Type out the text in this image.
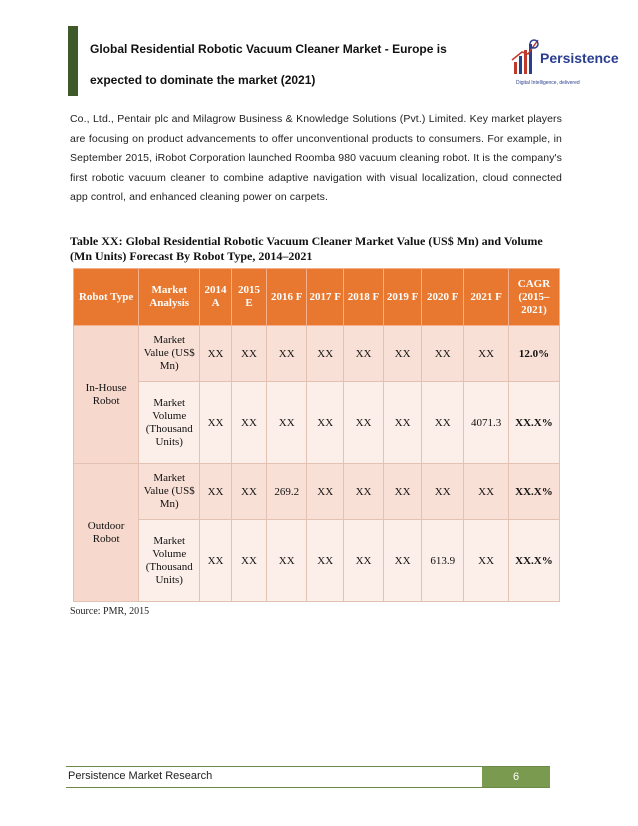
Global Residential Robotic Vacuum Cleaner Market - Europe is expected to dominate the market (2021)
Persistence
Digital Intelligence, delivered
Co., Ltd., Pentair plc and Milagrow Business & Knowledge Solutions (Pvt.) Limited. Key market players are focusing on product advancements to offer unconventional products to consumers. For example, in September 2015, iRobot Corporation launched Roomba 980 vacuum cleaning robot. It is the company's first robotic vacuum cleaner to combine adaptive navigation with visual localization, cloud connected app control, and enhanced cleaning power on carpets.
Table XX: Global Residential Robotic Vacuum Cleaner Market Value (US$ Mn) and Volume (Mn Units) Forecast By Robot Type, 2014–2021
Robot Type	Market Analysis	2014 A	2015 E	2016 F	2017 F	2018 F	2019 F	2020 F	2021 F	CAGR (2015–2021)
In-House Robot	Market Value (US$ Mn)	XX	XX	XX	XX	XX	XX	XX	XX	12.0%
	Market Volume (Thousand Units)	XX	XX	XX	XX	XX	XX	XX	4071.3	XX.X%
Outdoor Robot	Market Value (US$ Mn)	XX	XX	269.2	XX	XX	XX	XX	XX	XX.X%
	Market Volume (Thousand Units)	XX	XX	XX	XX	XX	XX	613.9	XX	XX.X%
Source: PMR, 2015
Persistence Market Research	6
